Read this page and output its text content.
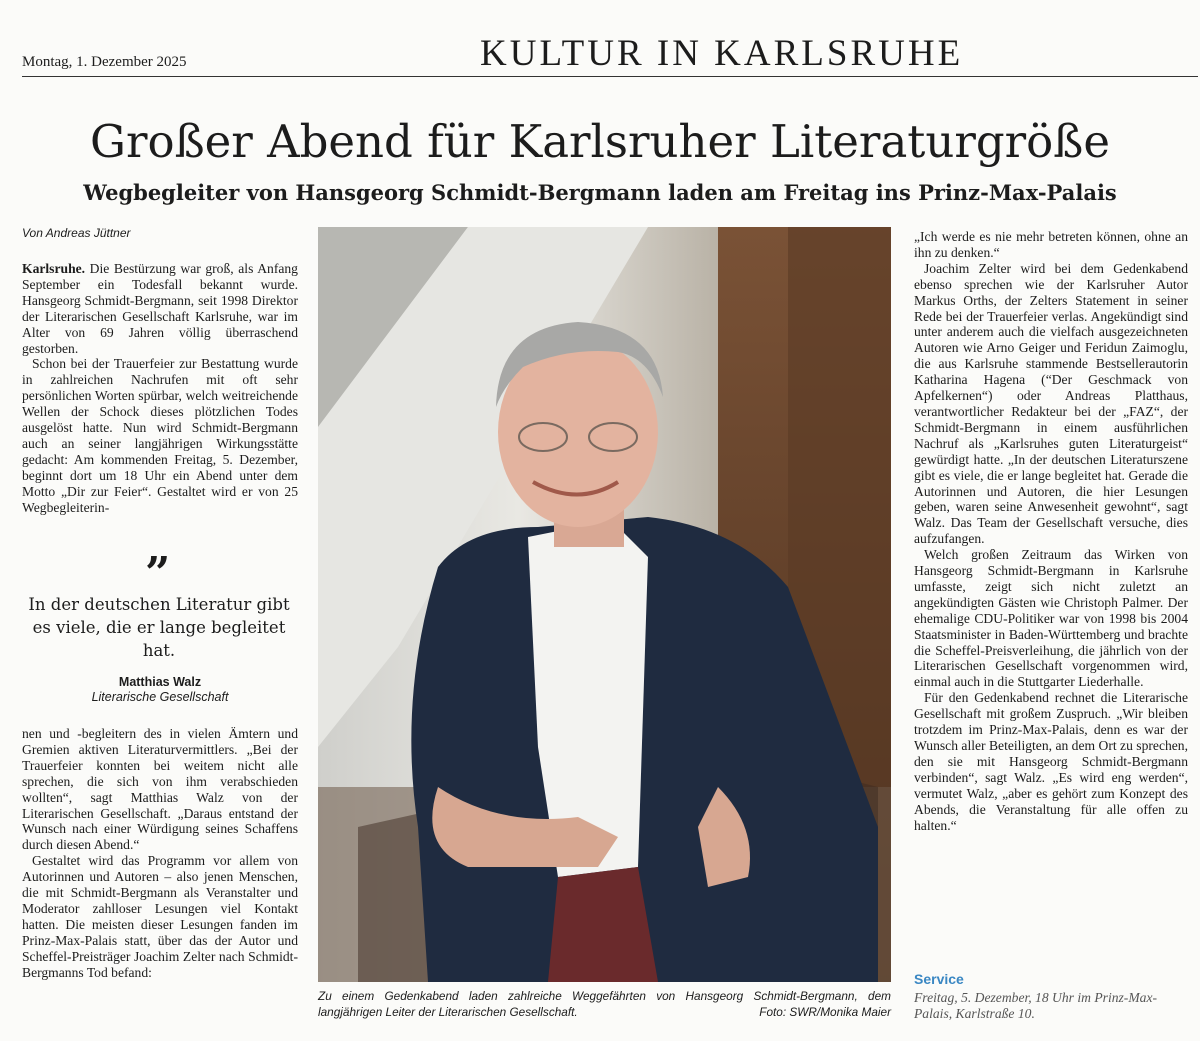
Montag, 1. Dezember 2025	KULTUR IN KARLSRUHE
Großer Abend für Karlsruher Literaturgröße
Wegbegleiter von Hansgeorg Schmidt-Bergmann laden am Freitag ins Prinz-Max-Palais
Von Andreas Jüttner

Karlsruhe. Die Bestürzung war groß, als Anfang September ein Todesfall bekannt wurde. Hansgeorg Schmidt-Bergmann, seit 1998 Direktor der Literarischen Gesellschaft Karlsruhe, war im Alter von 69 Jahren völlig überraschend gestorben.

Schon bei der Trauerfeier zur Bestattung wurde in zahlreichen Nachrufen mit oft sehr persönlichen Worten spürbar, welch weitreichende Wellen der Schock dieses plötzlichen Todes ausgelöst hatte. Nun wird Schmidt-Bergmann auch an seiner langjährigen Wirkungsstätte gedacht: Am kommenden Freitag, 5. Dezember, beginnt dort um 18 Uhr ein Abend unter dem Motto „Dir zur Feier“. Gestaltet wird er von 25 Wegbegleiterin-

”
In der deutschen Literatur gibt es viele, die er lange begleitet hat.
Matthias Walz
Literarische Gesellschaft

nen und -begleitern des in vielen Ämtern und Gremien aktiven Literaturvermittlers. „Bei der Trauerfeier konnten bei weitem nicht alle sprechen, die sich von ihm verabschieden wollten“, sagt Matthias Walz von der Literarischen Gesellschaft. „Daraus entstand der Wunsch nach einer Würdigung seines Schaffens durch diesen Abend.“

Gestaltet wird das Programm vor allem von Autorinnen und Autoren – also jenen Menschen, die mit Schmidt-Bergmann als Veranstalter und Moderator zahlloser Lesungen viel Kontakt hatten. Die meisten dieser Lesungen fanden im Prinz-Max-Palais statt, über das der Autor und Scheffel-Preisträger Joachim Zelter nach Schmidt-Bergmanns Tod befand:

Zu einem Gedenkabend laden zahlreiche Weggefährten von Hansgeorg Schmidt-Bergmann, dem langjährigen Leiter der Literarischen Gesellschaft.	Foto: SWR/Monika Maier

„Ich werde es nie mehr betreten können, ohne an ihn zu denken.“

Joachim Zelter wird bei dem Gedenkabend ebenso sprechen wie der Karlsruher Autor Markus Orths, der Zelters Statement in seiner Rede bei der Trauerfeier verlas. Angekündigt sind unter anderem auch die vielfach ausgezeichneten Autoren wie Arno Geiger und Feridun Zaimoglu, die aus Karlsruhe stammende Bestsellerautorin Katharina Hagena (“Der Geschmack von Apfelkernen“) oder Andreas Platthaus, verantwortlicher Redakteur bei der „FAZ“, der Schmidt-Bergmann in einem ausführlichen Nachruf als „Karlsruhes guten Literaturgeist“ gewürdigt hatte. „In der deutschen Literaturszene gibt es viele, die er lange begleitet hat. Gerade die Autorinnen und Autoren, die hier Lesungen geben, waren seine Anwesenheit gewohnt“, sagt Walz. Das Team der Gesellschaft versuche, dies aufzufangen.

Welch großen Zeitraum das Wirken von Hansgeorg Schmidt-Bergmann in Karlsruhe umfasste, zeigt sich nicht zuletzt an angekündigten Gästen wie Christoph Palmer. Der ehemalige CDU-Politiker war von 1998 bis 2004 Staatsminister in Baden-Württemberg und brachte die Scheffel-Preisverleihung, die jährlich von der Literarischen Gesellschaft vorgenommen wird, einmal auch in die Stuttgarter Liederhalle.

Für den Gedenkabend rechnet die Literarische Gesellschaft mit großem Zuspruch. „Wir bleiben trotzdem im Prinz-Max-Palais, denn es war der Wunsch aller Beteiligten, an dem Ort zu sprechen, den sie mit Hansgeorg Schmidt-Bergmann verbinden“, sagt Walz. „Es wird eng werden“, vermutet Walz, „aber es gehört zum Konzept des Abends, die Veranstaltung für alle offen zu halten.“

Service
Freitag, 5. Dezember, 18 Uhr im Prinz-Max-Palais, Karlstraße 10.
